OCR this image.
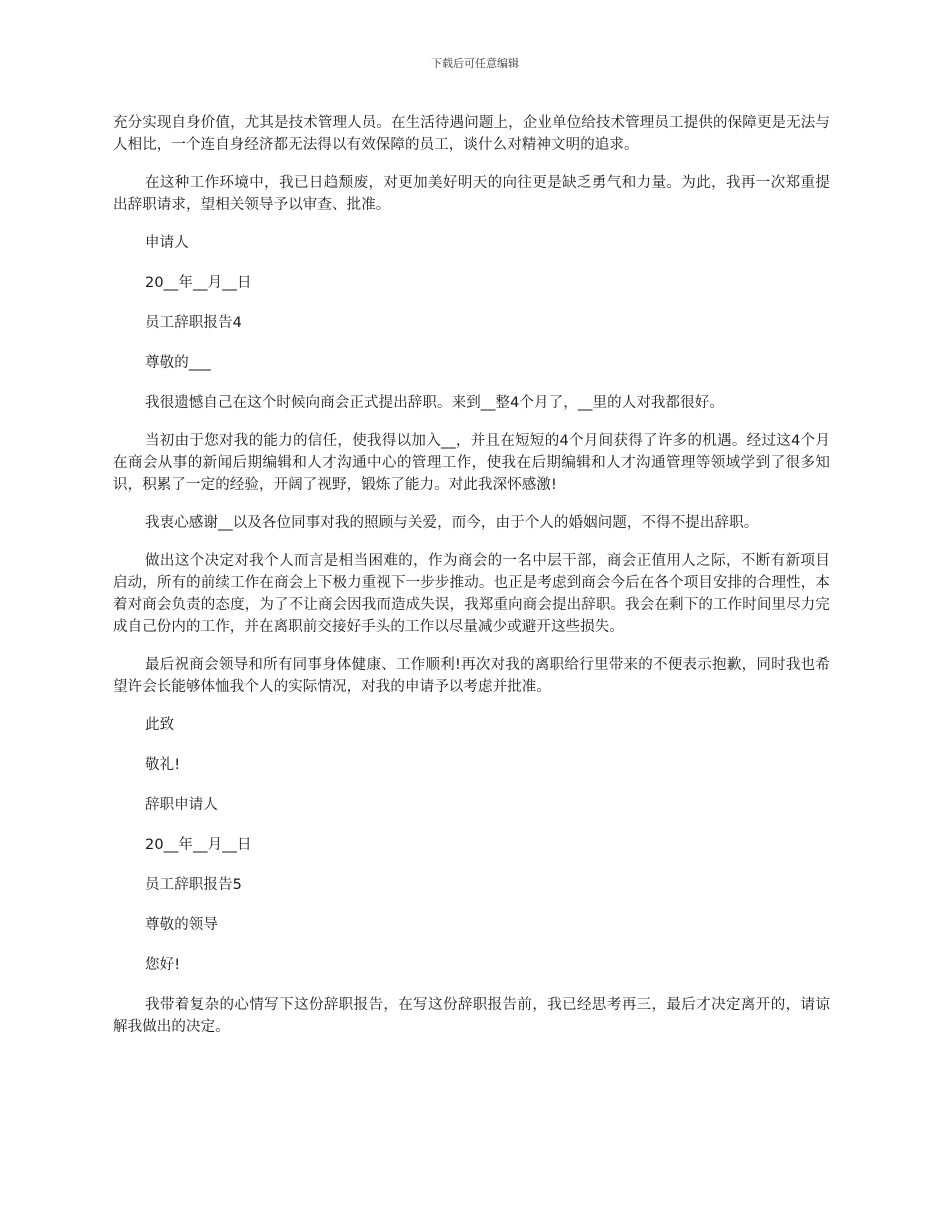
下载后可任意编辑

充分实现自身价值，尤其是技术管理人员。在生活待遇问题上，企业单位给技术管理员工提供的保障更是无法与人相比，一个连自身经济都无法得以有效保障的员工，谈什么对精神文明的追求。

在这种工作环境中，我已日趋颓废，对更加美好明天的向往更是缺乏勇气和力量。为此，我再一次郑重提出辞职请求，望相关领导予以审查、批准。

申请人

20__年__月__日

员工辞职报告4

尊敬的___

我很遗憾自己在这个时候向商会正式提出辞职。来到__整4个月了，__里的人对我都很好。

当初由于您对我的能力的信任，使我得以加入__，并且在短短的4个月间获得了许多的机遇。经过这4个月在商会从事的新闻后期编辑和人才沟通中心的管理工作，使我在后期编辑和人才沟通管理等领域学到了很多知识，积累了一定的经验，开阔了视野，锻炼了能力。对此我深怀感激!

我衷心感谢__以及各位同事对我的照顾与关爱，而今，由于个人的婚姻问题，不得不提出辞职。

做出这个决定对我个人而言是相当困难的，作为商会的一名中层干部，商会正值用人之际，不断有新项目启动，所有的前续工作在商会上下极力重视下一步步推动。也正是考虑到商会今后在各个项目安排的合理性，本着对商会负责的态度，为了不让商会因我而造成失误，我郑重向商会提出辞职。我会在剩下的工作时间里尽力完成自己份内的工作，并在离职前交接好手头的工作以尽量减少或避开这些损失。

最后祝商会领导和所有同事身体健康、工作顺利!再次对我的离职给行里带来的不便表示抱歉，同时我也希望许会长能够体恤我个人的实际情况，对我的申请予以考虑并批准。

此致

敬礼!

辞职申请人

20__年__月__日

员工辞职报告5

尊敬的领导

您好!

我带着复杂的心情写下这份辞职报告，在写这份辞职报告前，我已经思考再三，最后才决定离开的，请谅解我做出的决定。
